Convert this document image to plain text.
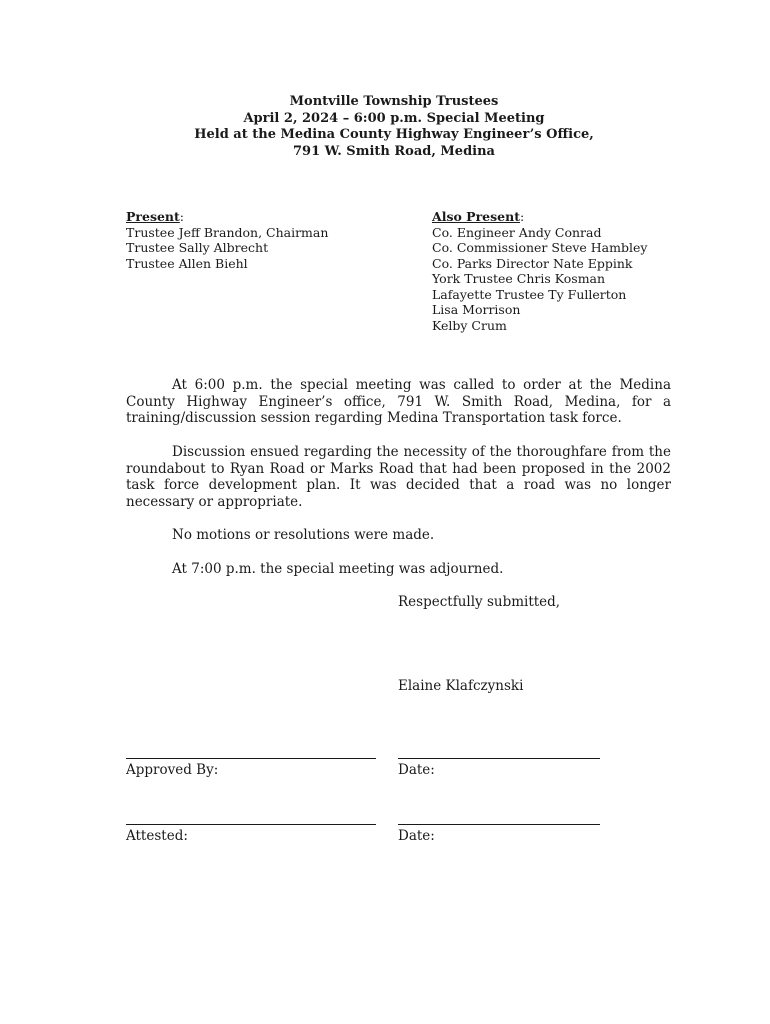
Montville Township Trustees
April 2, 2024 – 6:00 p.m. Special Meeting
Held at the Medina County Highway Engineer’s Office,
791 W. Smith Road, Medina
Present:
Trustee Jeff Brandon, Chairman
Trustee Sally Albrecht
Trustee Allen Biehl
Also Present:
Co. Engineer Andy Conrad
Co. Commissioner Steve Hambley
Co. Parks Director Nate Eppink
York Trustee Chris Kosman
Lafayette Trustee Ty Fullerton
Lisa Morrison
Kelby Crum

At 6:00 p.m. the special meeting was called to order at the Medina County Highway Engineer’s office, 791 W. Smith Road, Medina, for a training/discussion session regarding Medina Transportation task force.

Discussion ensued regarding the necessity of the thoroughfare from the roundabout to Ryan Road or Marks Road that had been proposed in the 2002 task force development plan. It was decided that a road was no longer necessary or appropriate.

No motions or resolutions were made.
At 7:00 p.m. the special meeting was adjourned.
Respectfully submitted,
Elaine Klafczynski
Approved By:	Date:
Attested:	Date:
